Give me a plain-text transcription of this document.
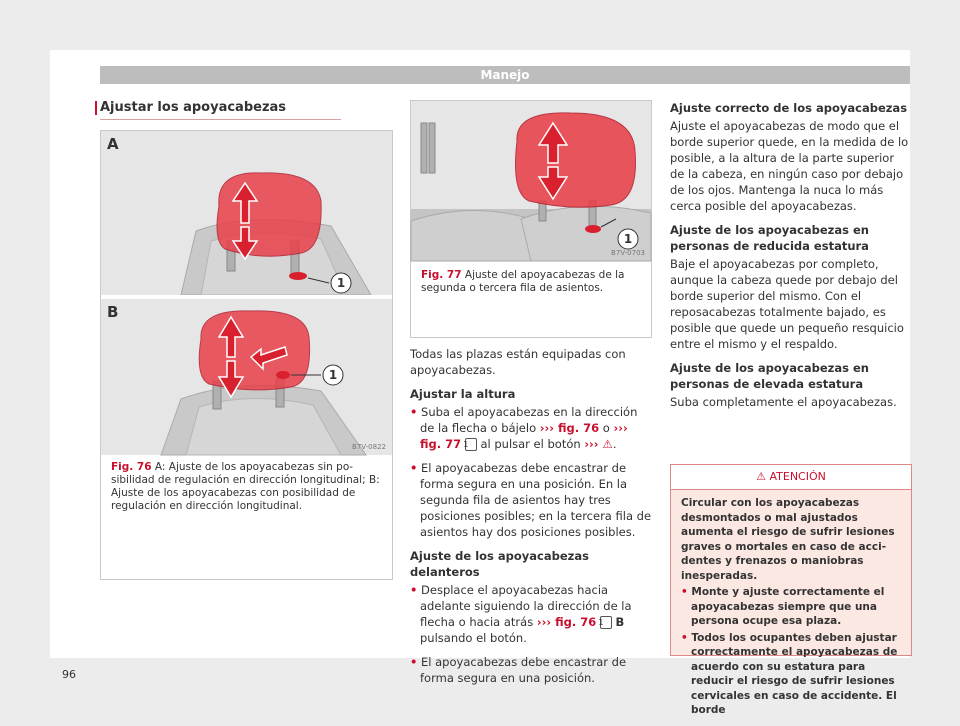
Manejo
Ajustar los apoyacabezas
A
1
B
1
B7V-0822
Fig. 76 A: Ajuste de los apoyacabezas sin posibilidad de regulación en dirección longitudinal; B: Ajuste de los apoyacabezas con posibilidad de regulación en dirección longitudinal.
1
B7V-0703
Fig. 77 Ajuste del apoyacabezas de la segunda o tercera fila de asientos.

Todas las plazas están equipadas con apoyacabezas.

Ajustar la altura

• Suba el apoyacabezas en la dirección de la flecha o bájelo ››› fig. 76 o ››› fig. 77 1 al pulsar el botón ››› ⚠.

• El apoyacabezas debe encastrar de forma segura en una posición. En la segunda fila de asientos hay tres posiciones posibles; en la tercera fila de asientos hay dos posiciones posibles.

Ajuste de los apoyacabezas delanteros

• Desplace el apoyacabezas hacia adelante siguiendo la dirección de la flecha o hacia atrás ››› fig. 76 1 B pulsando el botón.

• El apoyacabezas debe encastrar de forma segura en una posición.

Ajuste correcto de los apoyacabezas

Ajuste el apoyacabezas de modo que el borde superior quede, en la medida de lo posible, a la altura de la parte superior de la cabeza, en ningún caso por debajo de los ojos. Mantenga la nuca lo más cerca posible del apoyacabezas.

Ajuste de los apoyacabezas en personas de reducida estatura

Baje el apoyacabezas por completo, aunque la cabeza quede por debajo del borde superior del mismo. Con el reposacabezas totalmente bajado, es posible que quede un pequeño resquicio entre el mismo y el respaldo.

Ajuste de los apoyacabezas en personas de elevada estatura

Suba completamente el apoyacabezas.

⚠ ATENCIÓN

Circular con los apoyacabezas desmontados o mal ajustados aumenta el riesgo de sufrir lesiones graves o mortales en caso de accidentes y frenazos o maniobras inesperadas.

• Monte y ajuste correctamente el apoyacabezas siempre que una persona ocupe esa plaza.

• Todos los ocupantes deben ajustar correctamente el apoyacabezas de acuerdo con su estatura para reducir el riesgo de sufrir lesiones cervicales en caso de accidente. El borde

96
